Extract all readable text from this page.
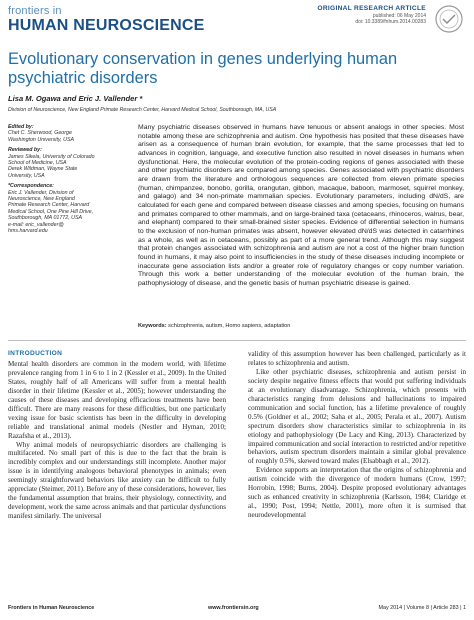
frontiers in
HUMAN NEUROSCIENCE
ORIGINAL RESEARCH ARTICLE
published: 06 May 2014
doi: 10.3389/fnhum.2014.00283
Evolutionary conservation in genes underlying human psychiatric disorders
Lisa M. Ogawa and Eric J. Vallender *
Division of Neuroscience, New England Primate Research Center, Harvard Medical School, Southborough, MA, USA
Edited by:
Chet C. Sherwood, George
Washington University, USA
Reviewed by:
James Sikela, University of Colorado
School of Medicine, USA
Derek Wildman, Wayne State
University, USA
*Correspondence:
Eric J. Vallender, Division of
Neuroscience, New England
Primate Research Center, Harvard
Medical School, One Pine Hill Drive,
Southborough, MA 01772, USA
e-mail: eric_vallender@
hms.harvard.edu
Many psychiatric diseases observed in humans have tenuous or absent analogs in other species. Most notable among these are schizophrenia and autism. One hypothesis has posited that these diseases have arisen as a consequence of human brain evolution, for example, that the same processes that led to advances in cognition, language, and executive function also resulted in novel diseases in humans when dysfunctional. Here, the molecular evolution of the protein-coding regions of genes associated with these and other psychiatric disorders are compared among species. Genes associated with psychiatric disorders are drawn from the literature and orthologous sequences are collected from eleven primate species (human, chimpanzee, bonobo, gorilla, orangutan, gibbon, macaque, baboon, marmoset, squirrel monkey, and galago) and 34 non-primate mammalian species. Evolutionary parameters, including dN/dS, are calculated for each gene and compared between disease classes and among species, focusing on humans and primates compared to other mammals, and on large-brained taxa (cetaceans, rhinoceros, walrus, bear, and elephant) compared to their small-brained sister species. Evidence of differential selection in humans to the exclusion of non-human primates was absent, however elevated dN/dS was detected in catarrhines as a whole, as well as in cetaceans, possibly as part of a more general trend. Although this may suggest that protein changes associated with schizophrenia and autism are not a cost of the higher brain function found in humans, it may also point to insufficiencies in the study of these diseases including incomplete or inaccurate gene association lists and/or a greater role of regulatory changes or copy number variation. Through this work a better understanding of the molecular evolution of the human brain, the pathophysiology of disease, and the genetic basis of human psychiatric disease is gained.
Keywords: schizophrenia, autism, Homo sapiens, adaptation
INTRODUCTION

Mental health disorders are common in the modern world, with lifetime prevalence ranging from 1 in 6 to 1 in 2 (Kessler et al., 2009). In the United States, roughly half of all Americans will suffer from a mental health disorder in their lifetime (Kessler et al., 2005); however understanding the causes of these diseases and developing efficacious treatments have been difficult. There are many reasons for these difficulties, but one particularly vexing issue for basic scientists has been in the difficulty in developing reliable and translational animal models (Nestler and Hyman, 2010; Razafsha et al., 2013).

Why animal models of neuropsychiatric disorders are challenging is multifaceted. No small part of this is due to the fact that the brain is incredibly complex and our understandings still incomplete. Another major issue is in identifying analogous behavioral phenotypes in animals; even seemingly straightforward behaviors like anxiety can be difficult to fully appreciate (Steimer, 2011). Before any of these considerations, however, lies the fundamental assumption that brains, their physiology, connectivity, and development, work the same across animals and that particular dysfunctions manifest similarly. The universal

validity of this assumption however has been challenged, particularly as it relates to schizophrenia and autism.

Like other psychiatric diseases, schizophrenia and autism persist in society despite negative fitness effects that would put suffering individuals at an evolutionary disadvantage. Schizophrenia, which presents with characteristics ranging from delusions and hallucinations to impaired communication and social function, has a lifetime prevalence of roughly 0.5% (Goldner et al., 2002; Saha et al., 2005; Perala et al., 2007). Autism spectrum disorders show characteristics similar to schizophrenia in its etiology and pathophysiology (De Lacy and King, 2013). Characterized by impaired communication and social interaction to restricted and/or repetitive behaviors, autism spectrum disorders maintain a similar global prevalence of roughly 0.5%, skewed toward males (Elsabbagh et al., 2012).

Evidence supports an interpretation that the origins of schizophrenia and autism coincide with the divergence of modern humans (Crow, 1997; Horrobin, 1998; Burns, 2004). Despite proposed evolutionary advantages such as enhanced creativity in schizophrenia (Karlsson, 1984; Claridge et al., 1990; Post, 1994; Nettle, 2001), more often it is surmised that neurodevelopmental

Frontiers in Human Neuroscience	www.frontiersin.org	May 2014 | Volume 8 | Article 283 | 1
